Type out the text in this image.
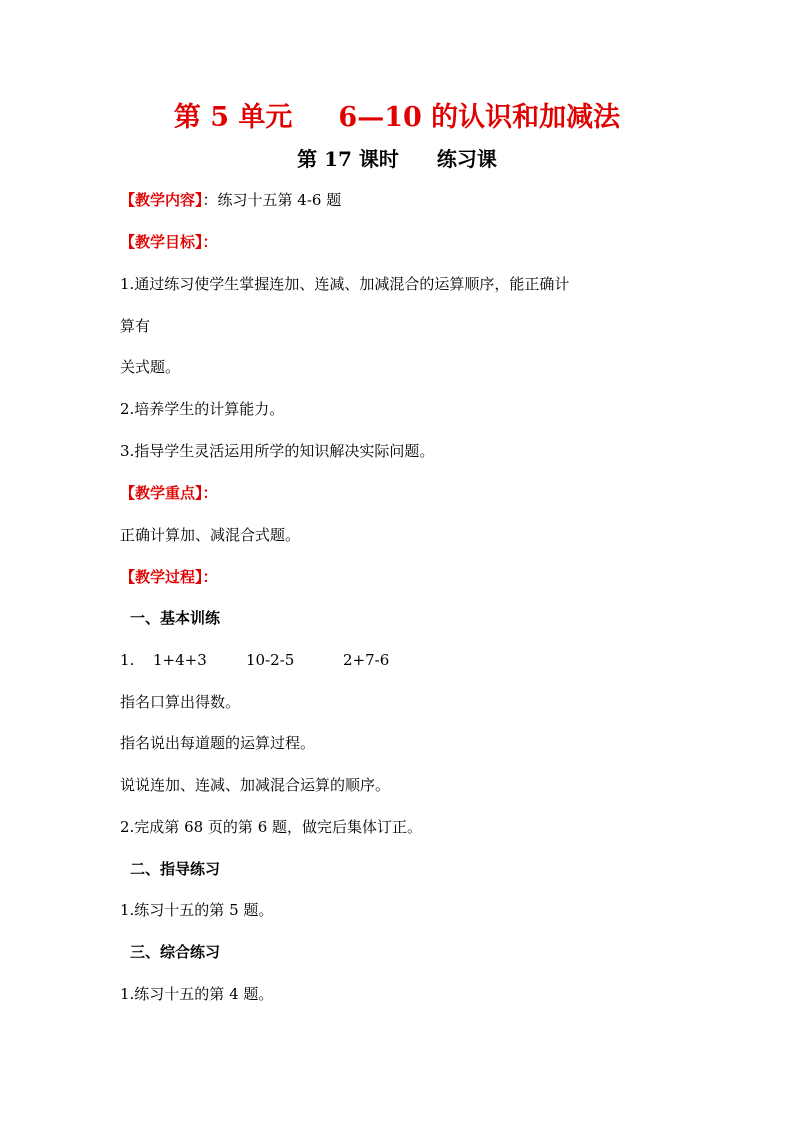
第 5 单元 6—10 的认识和加减法
第 17 课时 练习课
【教学内容】：练习十五第 4-6 题
【教学目标】：
1.通过练习使学生掌握连加、连减、加减混合的运算顺序，能正确计
算有
关式题。
2.培养学生的计算能力。
3.指导学生灵活运用所学的知识解决实际问题。
【教学重点】：
正确计算加、减混合式题。
【教学过程】：
一、基本训练
1. 1+4+3	10-2-5	2+7-6
指名口算出得数。
指名说出每道题的运算过程。
说说连加、连减、加减混合运算的顺序。
2.完成第 68 页的第 6 题，做完后集体订正。
二、指导练习
1.练习十五的第 5 题。
三、综合练习
1.练习十五的第 4 题。
